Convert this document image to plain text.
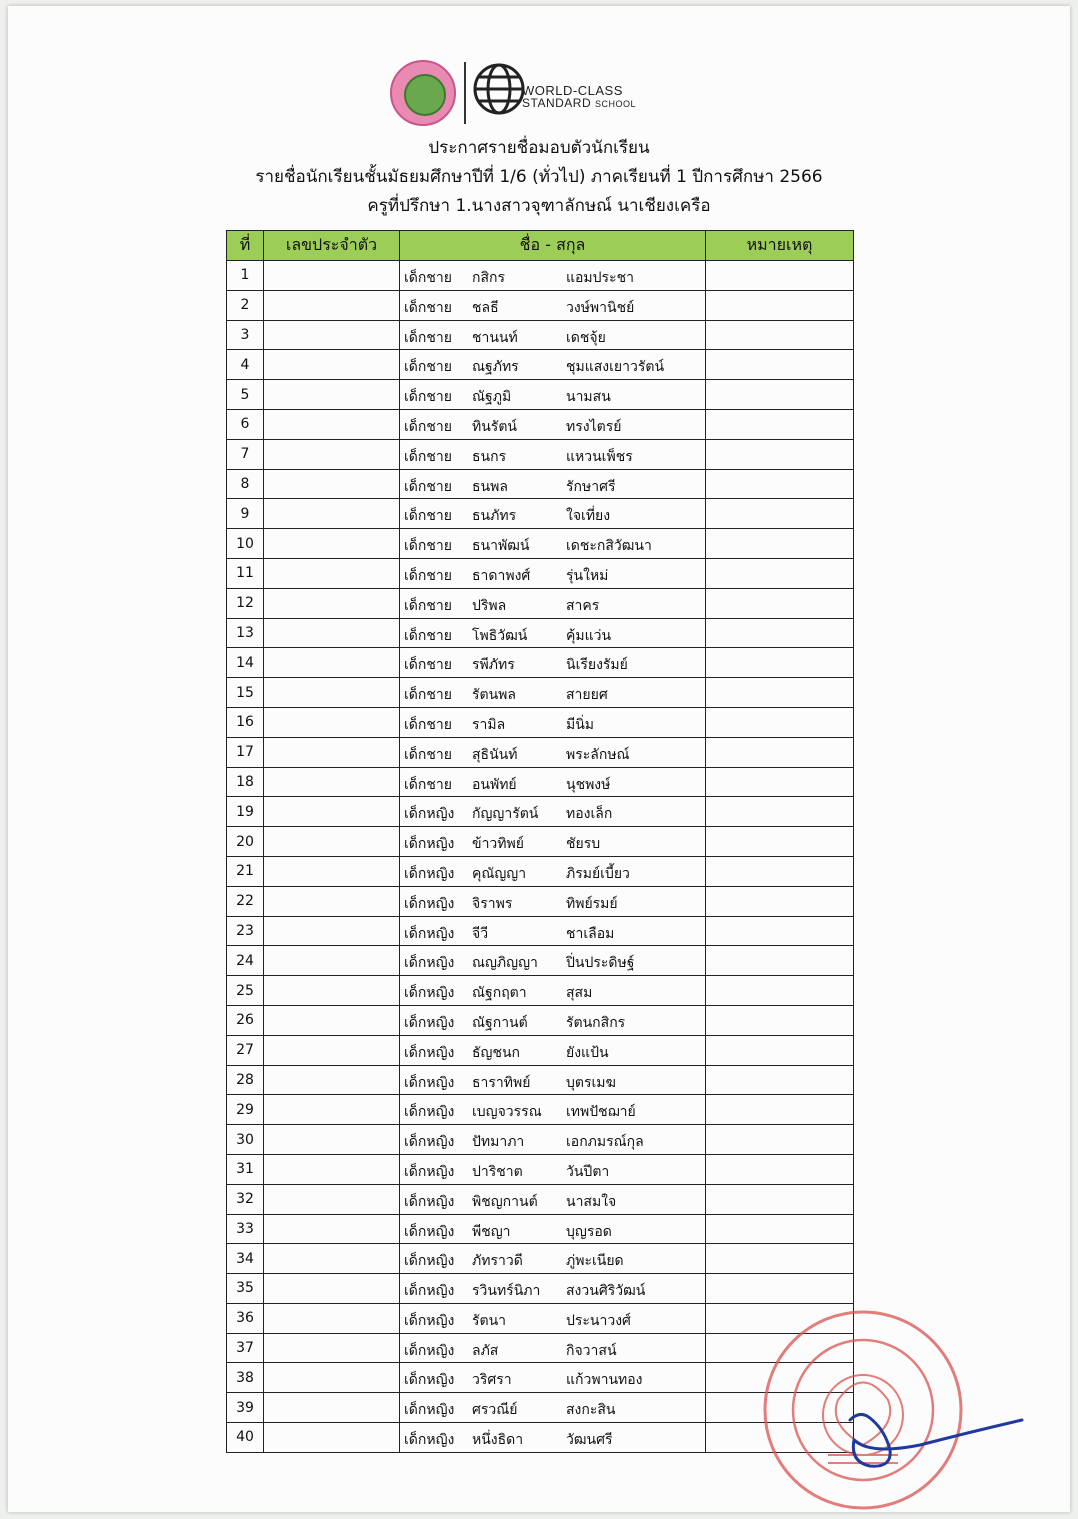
WORLD-CLASS
STANDARD SCHOOL
ประกาศรายชื่อมอบตัวนักเรียน
รายชื่อนักเรียนชั้นมัธยมศึกษาปีที่ 1/6 (ทั่วไป) ภาคเรียนที่ 1 ปีการศึกษา 2566
ครูที่ปรึกษา 1.นางสาวจุฑาลักษณ์ นาเชียงเครือ
ที่	เลขประจำตัว	ชื่อ - สกุล	หมายเหตุ
1		เด็กชาย กสิกร แอมประชา	

2		เด็กชาย ชลธี วงษ์พานิชย์	

3		เด็กชาย ชานนท์ เดชจุ้ย	

4		เด็กชาย ณฐภัทร ชุมแสงเยาวรัตน์	

5		เด็กชาย ณัฐภูมิ นามสน	

6		เด็กชาย ทินรัตน์ ทรงไตรย์	

7		เด็กชาย ธนกร แหวนเพ็ชร	

8		เด็กชาย ธนพล รักษาศรี	

9		เด็กชาย ธนภัทร ใจเที่ยง	

10		เด็กชาย ธนาพัฒน์ เดชะกสิวัฒนา	

11		เด็กชาย ธาดาพงศ์ รุ่นใหม่	

12		เด็กชาย ปริพล สาคร	

13		เด็กชาย โพธิวัฒน์ คุ้มแว่น	

14		เด็กชาย รพีภัทร นิเรียงรัมย์	

15		เด็กชาย รัตนพล สายยศ	

16		เด็กชาย รามิล มีนิ่ม	

17		เด็กชาย สุธินันท์ พระลักษณ์	

18		เด็กชาย อนพัทย์ นุชพงษ์	

19		เด็กหญิง กัญญารัตน์ ทองเล็ก	

20		เด็กหญิง ข้าวทิพย์ ชัยรบ	

21		เด็กหญิง คุณัญญา ภิรมย์เบี้ยว	

22		เด็กหญิง จิราพร ทิพย์รมย์	

23		เด็กหญิง จีวี ชาเลือม	

24		เด็กหญิง ณญภิญญา ปิ่นประดิษฐ์	

25		เด็กหญิง ณัฐกฤตา สุสม	

26		เด็กหญิง ณัฐกานต์ รัตนกสิกร	

27		เด็กหญิง ธัญชนก ยังแป้น	

28		เด็กหญิง ธาราทิพย์ บุตรเมฆ	

29		เด็กหญิง เบญจวรรณ เทพปัชฌาย์	

30		เด็กหญิง ปัทมาภา เอกภมรณ์กุล	

31		เด็กหญิง ปาริชาต วันปีตา	

32		เด็กหญิง พิชญกานต์ นาสมใจ	

33		เด็กหญิง พีชญา บุญรอด	

34		เด็กหญิง ภัทราวดี ภู่พะเนียด	

35		เด็กหญิง รวินทร์นิภา สงวนศิริวัฒน์	

36		เด็กหญิง รัตนา ประนาวงศ์	

37		เด็กหญิง ลภัส กิจวาสน์	

38		เด็กหญิง วริศรา แก้วพานทอง	

39		เด็กหญิง ศรวณีย์ สงกะสิน	

40		เด็กหญิง หนึ่งธิดา วัฒนศรี	
